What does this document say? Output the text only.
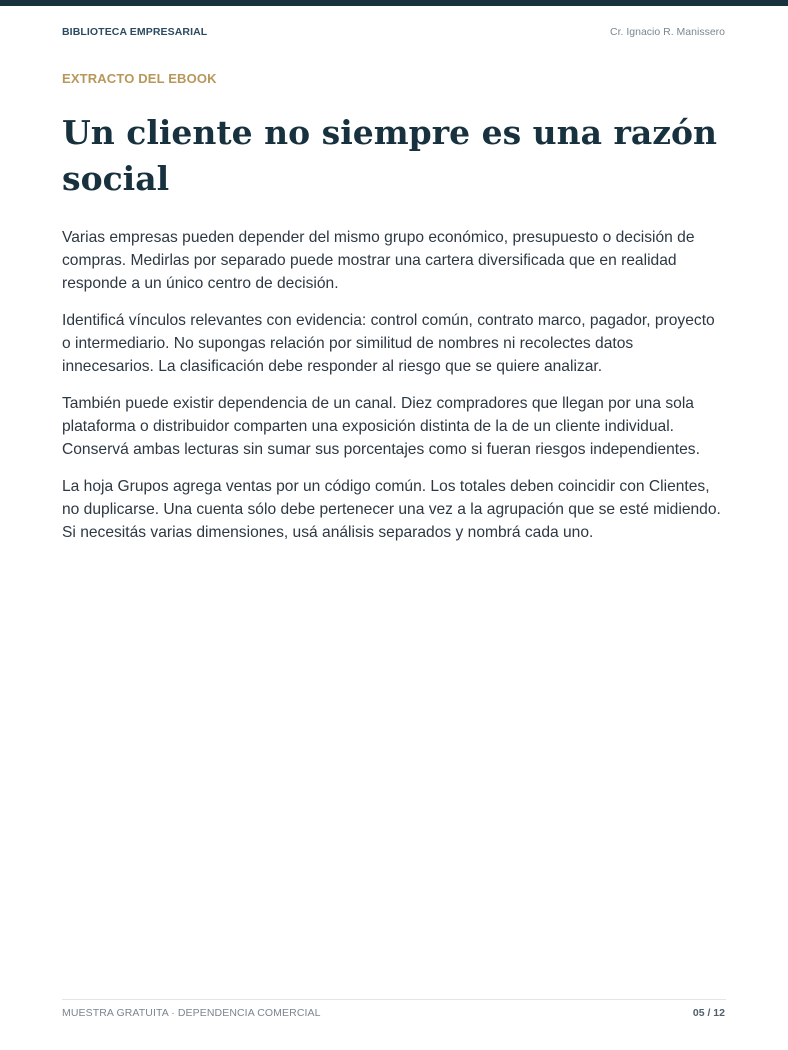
BIBLIOTECA EMPRESARIAL	Cr. Ignacio R. Manissero
EXTRACTO DEL EBOOK
Un cliente no siempre es una razón social

Varias empresas pueden depender del mismo grupo económico, presupuesto o decisión de compras. Medirlas por separado puede mostrar una cartera diversificada que en realidad responde a un único centro de decisión.

Identificá vínculos relevantes con evidencia: control común, contrato marco, pagador, proyecto o intermediario. No supongas relación por similitud de nombres ni recolectes datos innecesarios. La clasificación debe responder al riesgo que se quiere analizar.

También puede existir dependencia de un canal. Diez compradores que llegan por una sola plataforma o distribuidor comparten una exposición distinta de la de un cliente individual. Conservá ambas lecturas sin sumar sus porcentajes como si fueran riesgos independientes.

La hoja Grupos agrega ventas por un código común. Los totales deben coincidir con Clientes, no duplicarse. Una cuenta sólo debe pertenecer una vez a la agrupación que se esté midiendo. Si necesitás varias dimensiones, usá análisis separados y nombrá cada uno.

MUESTRA GRATUITA · DEPENDENCIA COMERCIAL	05 / 12
